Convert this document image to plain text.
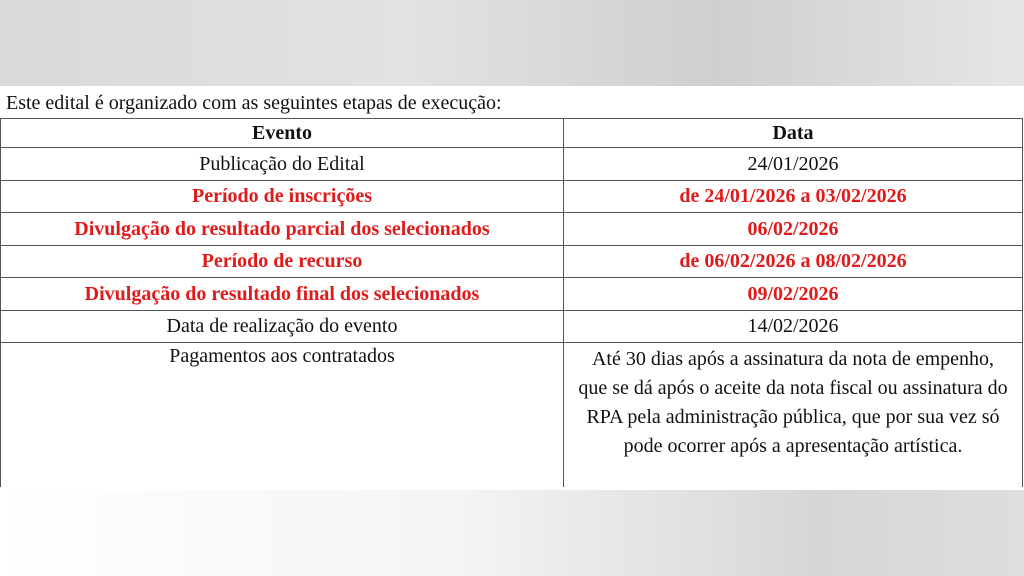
Este edital é organizado com as seguintes etapas de execução:
Evento	Data
Publicação do Edital	24/01/2026
Período de inscrições	de 24/01/2026 a 03/02/2026
Divulgação do resultado parcial dos selecionados	06/02/2026
Período de recurso	de 06/02/2026 a 08/02/2026
Divulgação do resultado final dos selecionados	09/02/2026
Data de realização do evento	14/02/2026
Pagamentos aos contratados	Até 30 dias após a assinatura da nota de empenho, que se dá após o aceite da nota fiscal ou assinatura do RPA pela administração pública, que por sua vez só pode ocorrer após a apresentação artística.
